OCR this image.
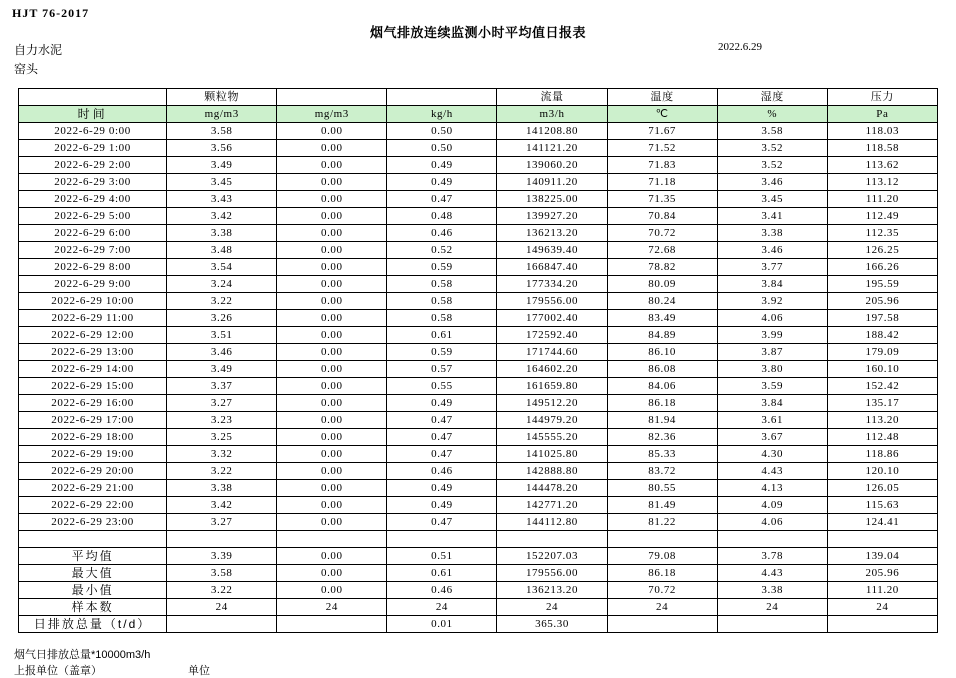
HJT 76-2017
烟气排放连续监测小时平均值日报表
自力水泥
窑头
2022.6.29
	颗粒物			流量	温度	湿度	压力
时间	mg/m3	mg/m3	kg/h	m3/h	℃	%	Pa
2022-6-29 0:00	3.58	0.00	0.50	141208.80	71.67	3.58	118.03
2022-6-29 1:00	3.56	0.00	0.50	141121.20	71.52	3.52	118.58
2022-6-29 2:00	3.49	0.00	0.49	139060.20	71.83	3.52	113.62
2022-6-29 3:00	3.45	0.00	0.49	140911.20	71.18	3.46	113.12
2022-6-29 4:00	3.43	0.00	0.47	138225.00	71.35	3.45	111.20
2022-6-29 5:00	3.42	0.00	0.48	139927.20	70.84	3.41	112.49
2022-6-29 6:00	3.38	0.00	0.46	136213.20	70.72	3.38	112.35
2022-6-29 7:00	3.48	0.00	0.52	149639.40	72.68	3.46	126.25
2022-6-29 8:00	3.54	0.00	0.59	166847.40	78.82	3.77	166.26
2022-6-29 9:00	3.24	0.00	0.58	177334.20	80.09	3.84	195.59
2022-6-29 10:00	3.22	0.00	0.58	179556.00	80.24	3.92	205.96
2022-6-29 11:00	3.26	0.00	0.58	177002.40	83.49	4.06	197.58
2022-6-29 12:00	3.51	0.00	0.61	172592.40	84.89	3.99	188.42
2022-6-29 13:00	3.46	0.00	0.59	171744.60	86.10	3.87	179.09
2022-6-29 14:00	3.49	0.00	0.57	164602.20	86.08	3.80	160.10
2022-6-29 15:00	3.37	0.00	0.55	161659.80	84.06	3.59	152.42
2022-6-29 16:00	3.27	0.00	0.49	149512.20	86.18	3.84	135.17
2022-6-29 17:00	3.23	0.00	0.47	144979.20	81.94	3.61	113.20
2022-6-29 18:00	3.25	0.00	0.47	145555.20	82.36	3.67	112.48
2022-6-29 19:00	3.32	0.00	0.47	141025.80	85.33	4.30	118.86
2022-6-29 20:00	3.22	0.00	0.46	142888.80	83.72	4.43	120.10
2022-6-29 21:00	3.38	0.00	0.49	144478.20	80.55	4.13	126.05
2022-6-29 22:00	3.42	0.00	0.49	142771.20	81.49	4.09	115.63
2022-6-29 23:00	3.27	0.00	0.47	144112.80	81.22	4.06	124.41

平均值	3.39	0.00	0.51	152207.03	79.08	3.78	139.04
最大值	3.58	0.00	0.61	179556.00	86.18	4.43	205.96
最小值	3.22	0.00	0.46	136213.20	70.72	3.38	111.20
样本数	24	24	24	24	24	24	24
日排放总量（t/d）			0.01	365.30			
烟气日排放总量*10000m3/h
上报单位（盖章）	单位
